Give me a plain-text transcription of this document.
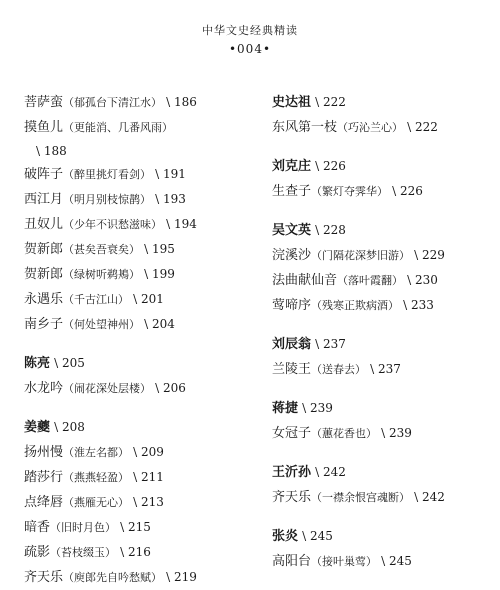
中华文史经典精读
•004•
菩萨蛮（郁孤台下清江水） \ 186
摸鱼儿（更能消、几番风雨）
\ 188
破阵子（醉里挑灯看剑） \ 191
西江月（明月别枝惊鹊） \ 193
丑奴儿（少年不识愁滋味） \ 194
贺新郎（甚矣吾衰矣） \ 195
贺新郎（绿树听鹈鴂） \ 199
永遇乐（千古江山） \ 201
南乡子（何处望神州） \ 204
陈亮 \ 205
水龙吟（闹花深处层楼） \ 206
姜夔 \ 208
扬州慢（淮左名都） \ 209
踏莎行（燕燕轻盈） \ 211
点绛唇（燕雁无心） \ 213
暗香（旧时月色） \ 215
疏影（苔枝缀玉） \ 216
齐天乐（庾郎先自吟愁赋） \ 219
史达祖 \ 222
东风第一枝（巧沁兰心） \ 222
刘克庄 \ 226
生查子（繁灯夺霁华） \ 226
吴文英 \ 228
浣溪沙（门隔花深梦旧游） \ 229
法曲献仙音（落叶霞翻） \ 230
莺啼序（残寒正欺病酒） \ 233
刘辰翁 \ 237
兰陵王（送春去） \ 237
蒋捷 \ 239
女冠子（蕙花香也） \ 239
王沂孙 \ 242
齐天乐（一襟余恨宫魂断） \ 242
张炎 \ 245
高阳台（接叶巢莺） \ 245
